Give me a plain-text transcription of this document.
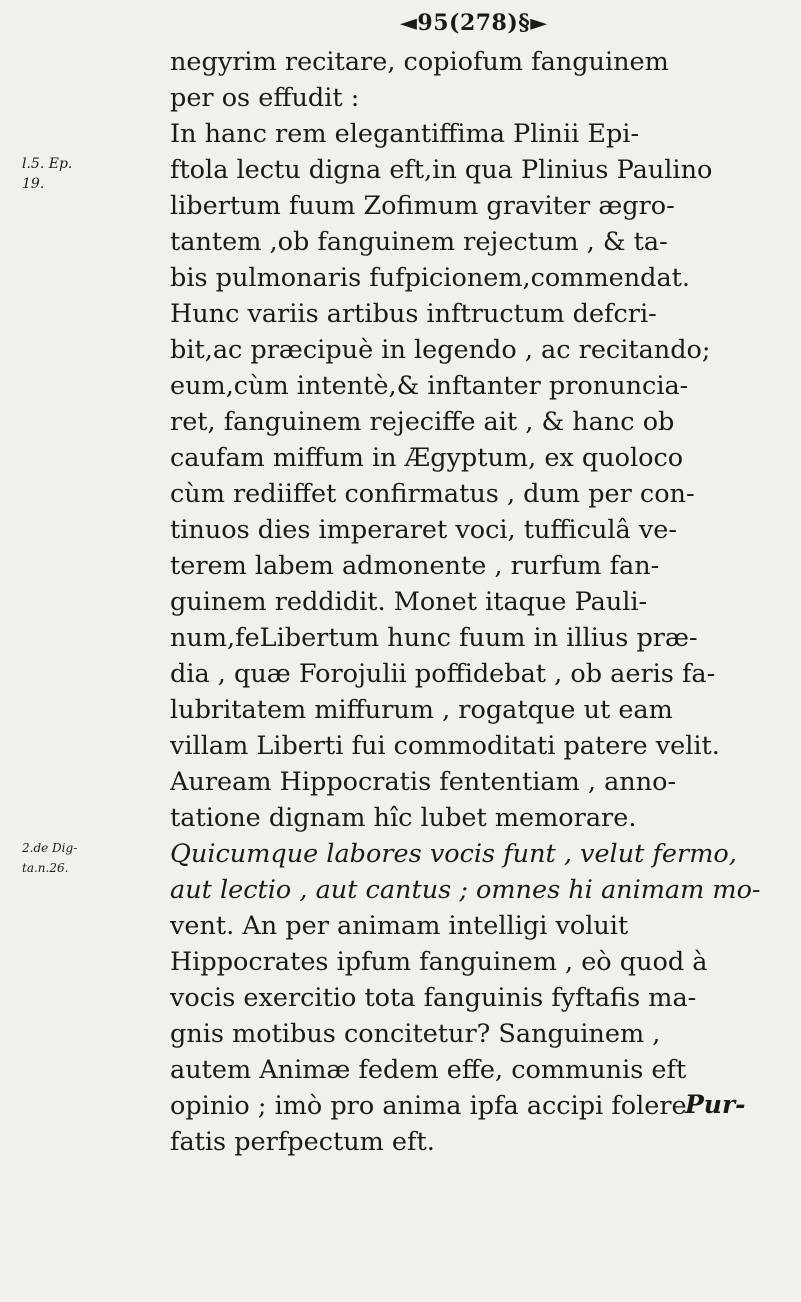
◄95(278)§►
l.5. Ep.
19.
2.de Dig-
ta.n.26.
negyrim recitare, copiofum fanguinem
per os effudit :
In hanc rem elegantiffima Plinii Epi-
ftola lectu digna eft,in qua Plinius Paulino
libertum fuum Zofimum graviter ægro-
tantem ,ob fanguinem rejectum , & ta-
bis pulmonaris fufpicionem,commendat.
Hunc variis artibus inftructum defcri-
bit,ac præcipuè in legendo , ac recitando;
eum,cùm intentè,& inftanter pronuncia-
ret, fanguinem rejeciffe ait , & hanc ob
caufam miffum in Ægyptum, ex quoloco
cùm rediiffet confirmatus , dum per con-
tinuos dies imperaret voci, tufficulâ ve-
terem labem admonente , rurfum fan-
guinem reddidit. Monet itaque Pauli-
num,feLibertum hunc fuum in illius præ-
dia , quæ Forojulii poffidebat , ob aeris fa-
lubritatem miffurum , rogatque ut eam
villam Liberti fui commoditati patere velit.
Auream Hippocratis fententiam , anno-
tatione dignam hîc lubet memorare.
Quicumque labores vocis funt , velut fermo,
aut lectio , aut cantus ; omnes hi animam mo-
vent. An per animam intelligi voluit
Hippocrates ipfum fanguinem , eò quod à
vocis exercitio tota fanguinis fyftafis ma-
gnis motibus concitetur? Sanguinem ,
autem Animæ fedem effe, communis eft
opinio ; imò pro anima ipfa accipi folere
fatis perfpectum eft.
Pur-
